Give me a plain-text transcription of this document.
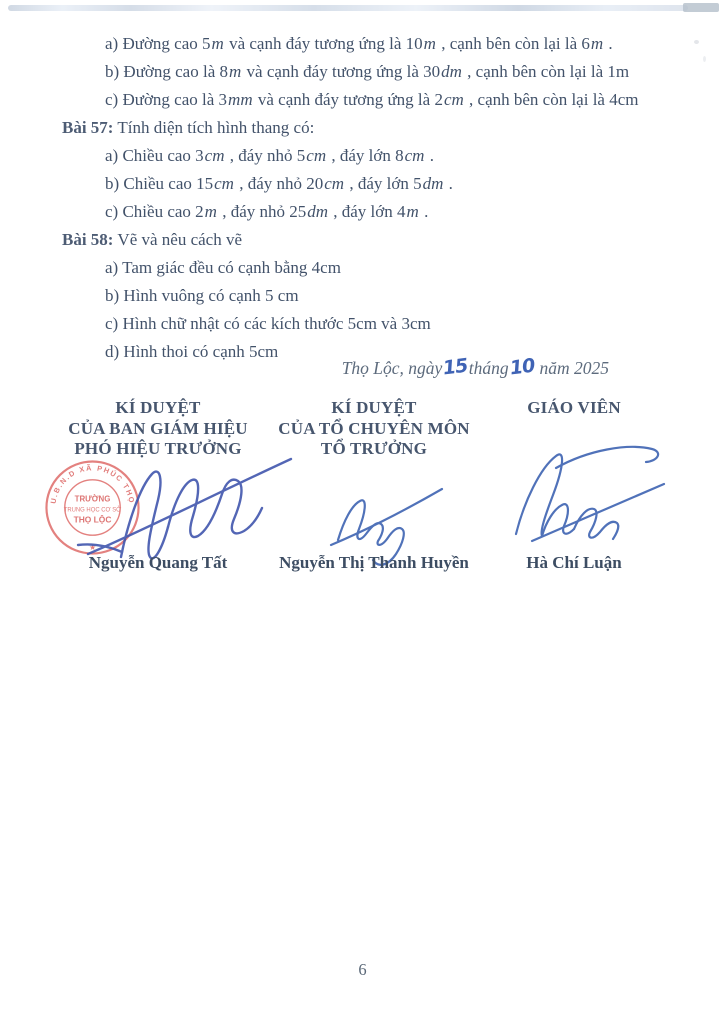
a) Đường cao 5m và cạnh đáy tương ứng là 10m , cạnh bên còn lại là 6m .
b) Đường cao là 8m và cạnh đáy tương ứng là 30dm , cạnh bên còn lại là 1m
c) Đường cao là 3mm và cạnh đáy tương ứng là 2cm , cạnh bên còn lại là 4cm
Bài 57: Tính diện tích hình thang có:
a) Chiều cao 3cm , đáy nhỏ 5cm , đáy lớn 8cm .
b) Chiều cao 15cm , đáy nhỏ 20cm , đáy lớn 5dm .
c) Chiều cao 2m , đáy nhỏ 25dm , đáy lớn 4m .
Bài 58: Vẽ và nêu cách vẽ
a) Tam giác đều có cạnh bằng 4cm
b) Hình vuông có cạnh 5 cm
c) Hình chữ nhật có các kích thước 5cm và 3cm
d) Hình thoi có cạnh 5cm
Thọ Lộc, ngày15tháng10 năm 2025
KÍ DUYỆT
CỦA BAN GIÁM HIỆU
PHÓ HIỆU TRƯỞNG
KÍ DUYỆT
CỦA TỔ CHUYÊN MÔN
TỔ TRƯỞNG
GIÁO VIÊN
U.B.N.D XÃ PHÚC THỌ
TRƯỜNG
TRUNG HỌC CƠ SỞ
THỌ LỘC
★
Nguyễn Quang Tất	Nguyễn Thị Thanh Huyền	Hà Chí Luận
6
